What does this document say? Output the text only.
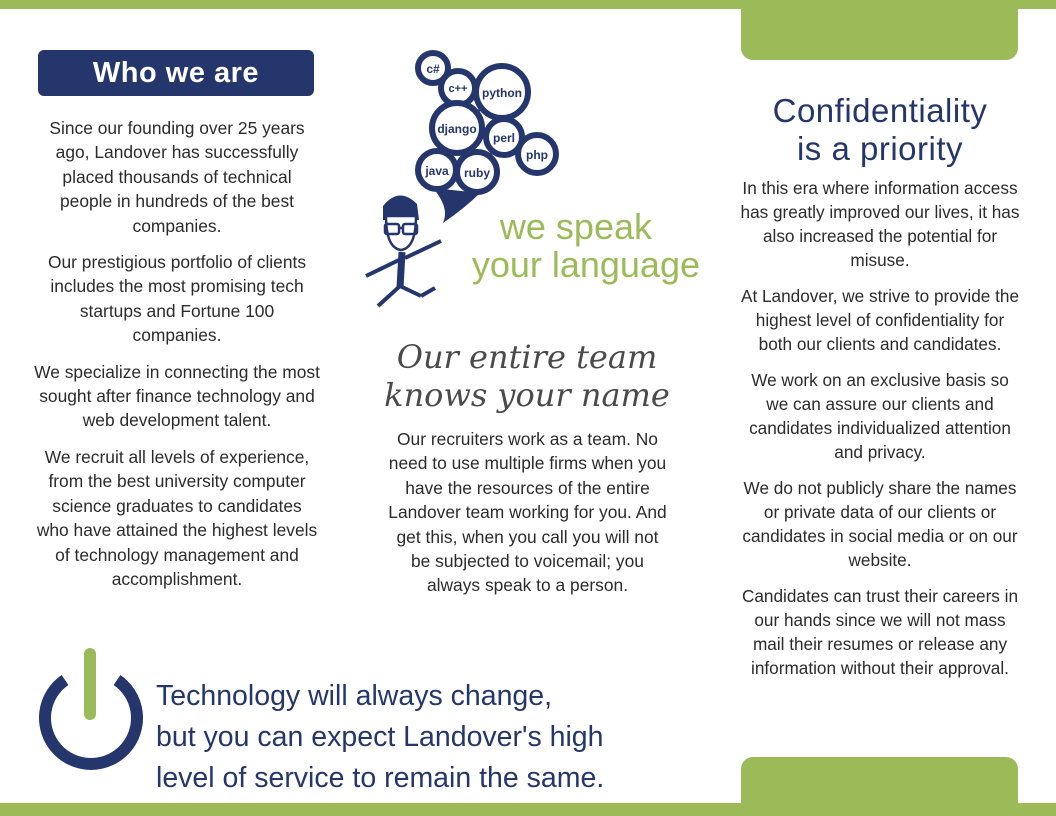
Who we are

Since our founding over 25 years ago, Landover has successfully placed thousands of technical people in hundreds of the best companies.

Our prestigious portfolio of clients includes the most promising tech startups and Fortune 100 companies.

We specialize in connecting the most sought after finance technology and web development talent.

We recruit all levels of experience, from the best university computer science graduates to candidates who have attained the highest levels of technology management and accomplishment.

c#
c++ python
django
perl
php
java ruby
we speak
your language
Our entire team
knows your name
Our recruiters work as a team. No need to use multiple firms when you have the resources of the entire Landover team working for you. And get this, when you call you will not be subjected to voicemail; you always speak to a person.
Confidentiality
is a priority

In this era where information access has greatly improved our lives, it has also increased the potential for misuse.

At Landover, we strive to provide the highest level of confidentiality for both our clients and candidates.

We work on an exclusive basis so we can assure our clients and candidates individualized attention and privacy.

We do not publicly share the names or private data of our clients or candidates in social media or on our website.

Candidates can trust their careers in our hands since we will not mass mail their resumes or release any information without their approval.

Technology will always change,
but you can expect Landover's high
level of service to remain the same.
